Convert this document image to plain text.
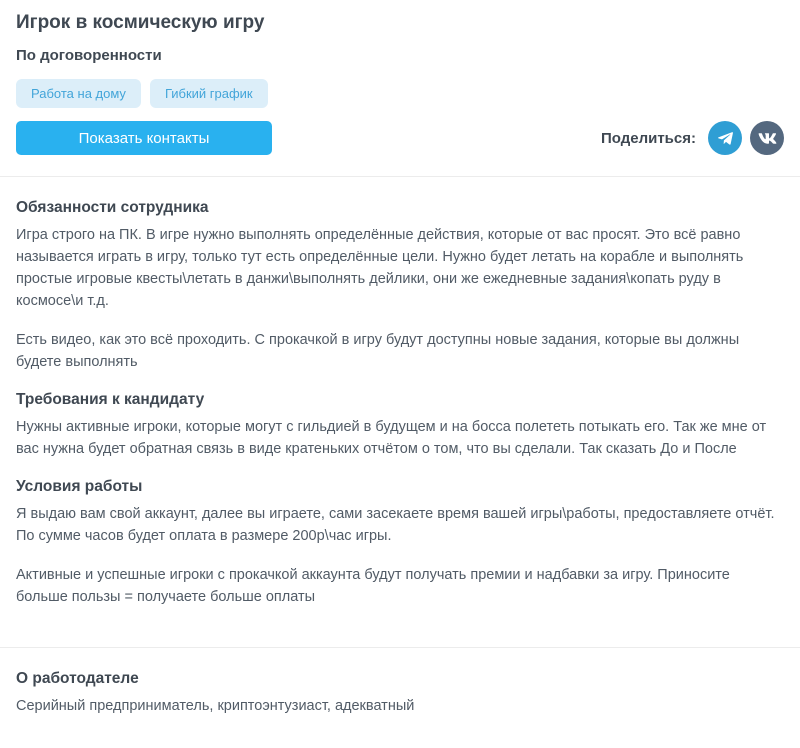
Игрок в космическую игру
По договоренности
Работа на дому	Гибкий график
Показать контакты	Поделиться:
Обязанности сотрудника

Игра строго на ПК. В игре нужно выполнять определённые действия, которые от вас просят. Это всё равно называется играть в игру, только тут есть определённые цели. Нужно будет летать на корабле и выполнять простые игровые квесты\летать в данжи\выполнять дейлики, они же ежедневные задания\копать руду в космосе\и т.д.

Есть видео, как это всё проходить. С прокачкой в игру будут доступны новые задания, которые вы должны будете выполнять

Требования к кандидату

Нужны активные игроки, которые могут с гильдией в будущем и на босса полететь потыкать его. Так же мне от вас нужна будет обратная связь в виде кратеньких отчётом о том, что вы сделали. Так сказать До и После

Условия работы

Я выдаю вам свой аккаунт, далее вы играете, сами засекаете время вашей игры\работы, предоставляете отчёт. По сумме часов будет оплата в размере 200р\час игры.

Активные и успешные игроки с прокачкой аккаунта будут получать премии и надбавки за игру. Приносите больше пользы = получаете больше оплаты

О работодателе

Серийный предприниматель, криптоэнтузиаст, адекватный
